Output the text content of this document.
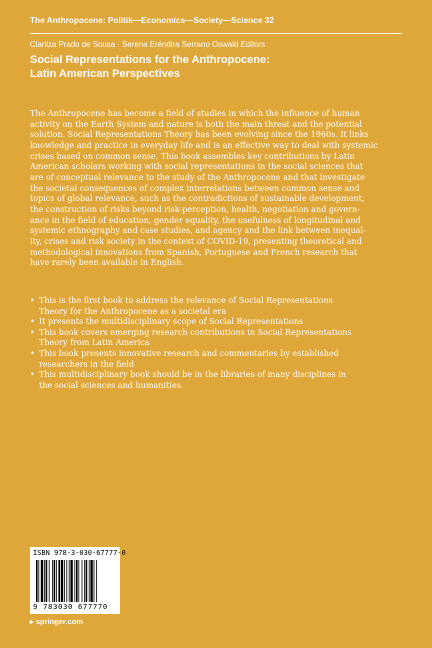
The Anthropocene: Politik—Economics—Society—Science 32
Clarilza Prado de Sousa · Serena Eréndira Serrano Oswald Editors
Social Representations for the Anthropocene:
Latin American Perspectives
The Anthropocene has become a field of studies in which the influence of human
activity on the Earth System and nature is both the main threat and the potential
solution. Social Representations Theory has been evolving since the 1960s. It links
knowledge and practice in everyday life and is an effective way to deal with systemic
crises based on common sense. This book assembles key contributions by Latin
American scholars working with social representations in the social sciences that
are of conceptual relevance to the study of the Anthropocene and that investigate
the societal consequences of complex interrelations between common sense and
topics of global relevance, such as the contradictions of sustainable development,
the construction of risks beyond risk-perception, health, negotiation and govern-
ance in the field of education, gender equality, the usefulness of longitudinal and
systemic ethnography and case studies, and agency and the link between inequal-
ity, crises and risk society in the context of COVID-19, presenting theoretical and
methodological innovations from Spanish, Portuguese and French research that
have rarely been available in English.
• This is the first book to address the relevance of Social Representations
Theory for the Anthropocene as a societal era
• It presents the multidisciplinary scope of Social Representations
• This book covers emerging research contributions in Social Representations
Theory from Latin America
• This book presents innovative research and commentaries by established
researchers in the field
• This multidisciplinary book should be in the libraries of many disciplines in
the social sciences and humanities.
ISBN 978-3-030-67777-0
9 783030 677770
▸ springer.com
